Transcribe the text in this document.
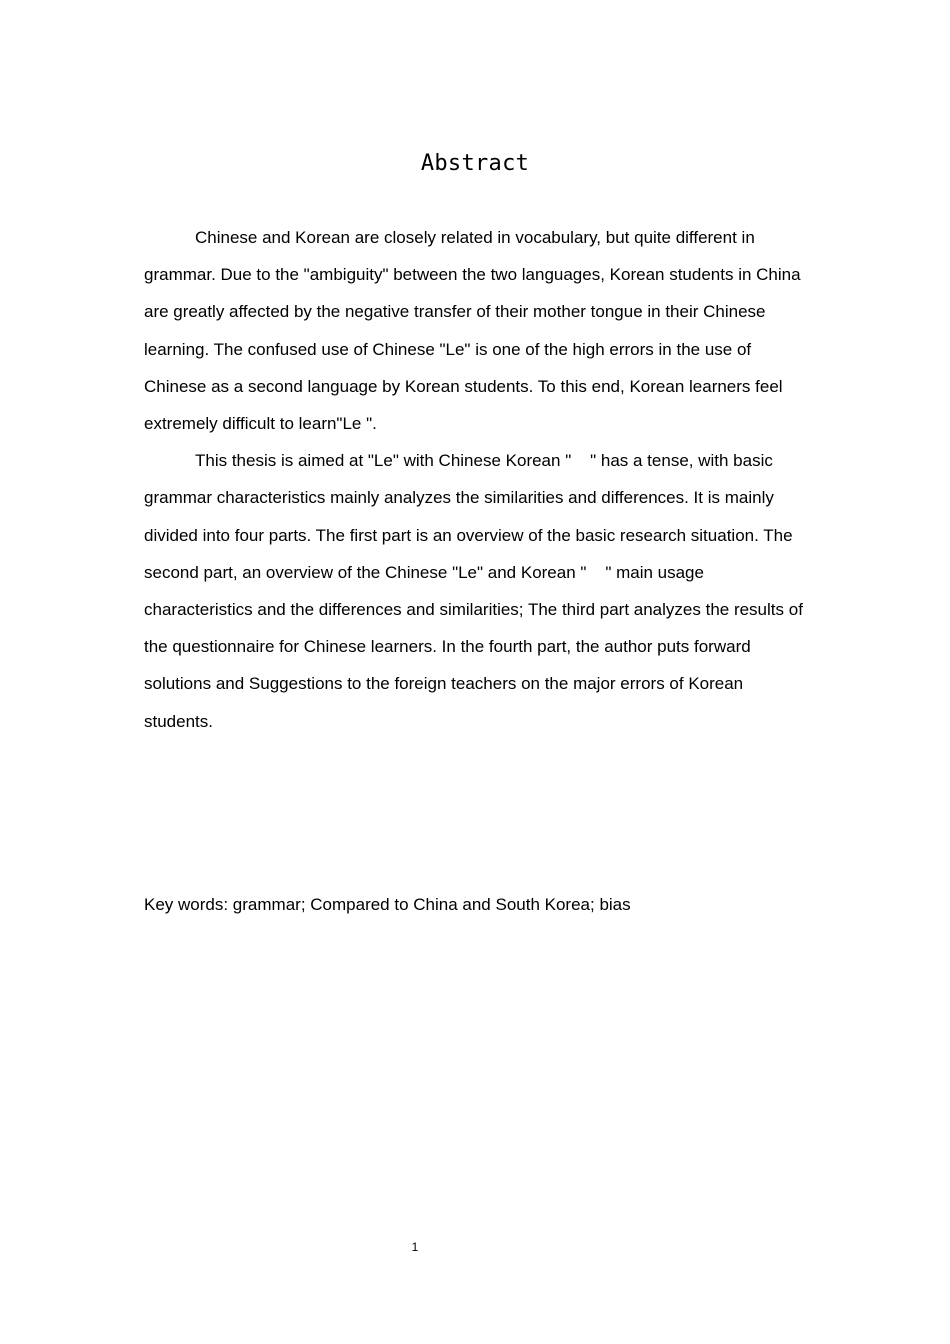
Abstract

Chinese and Korean are closely related in vocabulary, but quite different in grammar. Due to the "ambiguity" between the two languages, Korean students in China are greatly affected by the negative transfer of their mother tongue in their Chinese learning. The confused use of Chinese "Le" is one of the high errors in the use of Chinese as a second language by Korean students. To this end, Korean learners feel extremely difficult to learn"Le ".

This thesis is aimed at "Le" with Chinese Korean "    " has a tense, with basic grammar characteristics mainly analyzes the similarities and differences. It is mainly divided into four parts. The first part is an overview of the basic research situation. The second part, an overview of the Chinese "Le" and Korean "    " main usage characteristics and the differences and similarities; The third part analyzes the results of the questionnaire for Chinese learners. In the fourth part, the author puts forward solutions and Suggestions to the foreign teachers on the major errors of Korean students.

Key words: grammar; Compared to China and South Korea; bias
1
